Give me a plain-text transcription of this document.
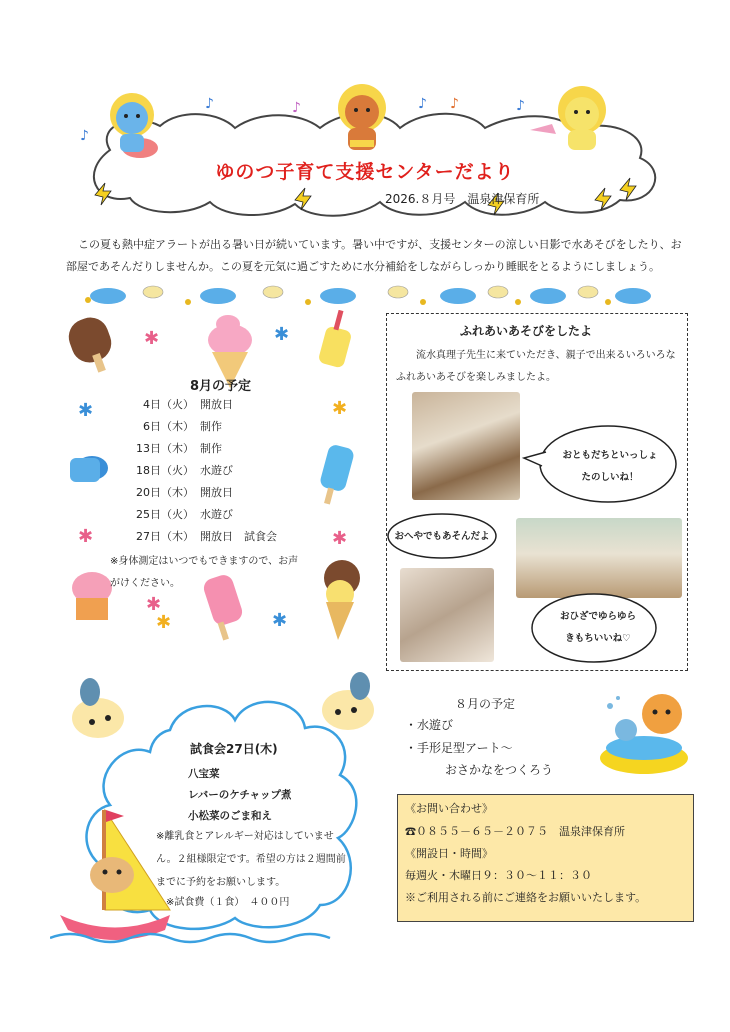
♪	♪	♪ ♪	♪
♪
ゆのつ子育て支援センターだより
2026.８月号　温泉津保育所
この夏も熱中症アラートが出る暑い日が続いています。暑い中ですが、支援センターの涼しい日影で水あそびをしたり、お部屋であそんだりしませんか。この夏を元気に過ごすために水分補給をしながらしっかり睡眠をとるようにしましょう。
✱	✱
✱	✱
✱
✱
✱
✱	✱
8月の予定
4日（火） 開放日
6日（木） 制作
13日（木） 制作
18日（火） 水遊び
20日（木） 開放日
25日（火） 水遊び
27日（木） 開放日　試食会
※身体測定はいつでもできますので、お声がけください。
ふれあいあそびをしたよ
流水真理子先生に来ていただき、親子で出来るいろいろなふれあいあそびを楽しみましたよ。
おともだちといっしょ
たのしいね！
おへやでもあそんだよ
おひざでゆらゆら
きもちいいね♡
試食会27日(木)
八宝菜
レバーのケチャップ煮
小松菜のごま和え
※離乳食とアレルギー対応はしていません。２組様限定です。希望の方は２週間前までに予約をお願いします。
※試食費（１食）　４００円
８月の予定
・水遊び
・手形足型アート～
おさかなをつくろう
《お問い合わせ》
☎０８５５－６５－２０７５　温泉津保育所
《開設日・時間》
毎週火・木曜日９：３０～１１：３０
※ご利用される前にご連絡をお願いいたします。
